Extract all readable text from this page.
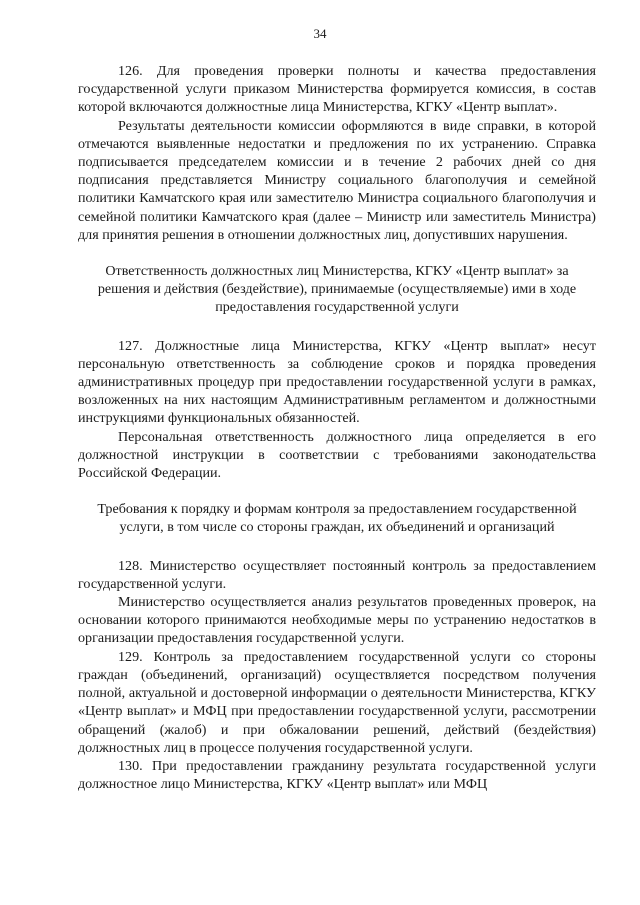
34

126. Для проведения проверки полноты и качества предоставления государственной услуги приказом Министерства формируется комиссия, в состав которой включаются должностные лица Министерства, КГКУ «Центр выплат».

Результаты деятельности комиссии оформляются в виде справки, в которой отмечаются выявленные недостатки и предложения по их устранению. Справка подписывается председателем комиссии и в течение 2 рабочих дней со дня подписания представляется Министру социального благополучия и семейной политики Камчатского края или заместителю Министра социального благополучия и семейной политики Камчатского края (далее – Министр или заместитель Министра) для принятия решения в отношении должностных лиц, допустивших нарушения.

Ответственность должностных лиц Министерства, КГКУ «Центр выплат» за решения и действия (бездействие), принимаемые (осуществляемые) ими в ходе предоставления государственной услуги

127. Должностные лица Министерства, КГКУ «Центр выплат» несут персональную ответственность за соблюдение сроков и порядка проведения административных процедур при предоставлении государственной услуги в рамках, возложенных на них настоящим Административным регламентом и должностными инструкциями функциональных обязанностей.

Персональная ответственность должностного лица определяется в его должностной инструкции в соответствии с требованиями законодательства Российской Федерации.

Требования к порядку и формам контроля за предоставлением государственной услуги, в том числе со стороны граждан, их объединений и организаций

128. Министерство осуществляет постоянный контроль за предоставлением государственной услуги.

Министерство осуществляется анализ результатов проведенных проверок, на основании которого принимаются необходимые меры по устранению недостатков в организации предоставления государственной услуги.

129. Контроль за предоставлением государственной услуги со стороны граждан (объединений, организаций) осуществляется посредством получения полной, актуальной и достоверной информации о деятельности Министерства, КГКУ «Центр выплат» и МФЦ при предоставлении государственной услуги, рассмотрении обращений (жалоб) и при обжаловании решений, действий (бездействия) должностных лиц в процессе получения государственной услуги.

130. При предоставлении гражданину результата государственной услуги должностное лицо Министерства, КГКУ «Центр выплат» или МФЦ
